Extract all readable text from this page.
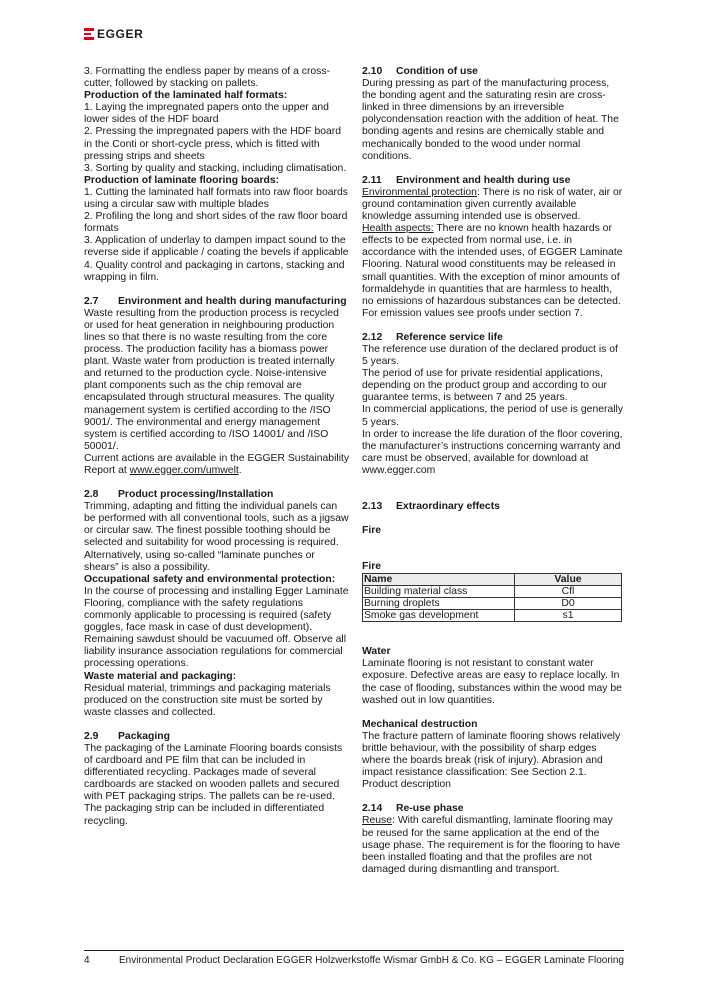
EGGER

3. Formatting the endless paper by means of a cross-cutter, followed by stacking on pallets.

Production of the laminated half formats:

1. Laying the impregnated papers onto the upper and lower sides of the HDF board

2. Pressing the impregnated papers with the HDF board in the Conti or short-cycle press, which is fitted with pressing strips and sheets

3. Sorting by quality and stacking, including climatisation.

Production of laminate flooring boards:

1. Cutting the laminated half formats into raw floor boards using a circular saw with multiple blades

2. Profiling the long and short sides of the raw floor board formats

3. Application of underlay to dampen impact sound to the reverse side if applicable / coating the bevels if applicable

4. Quality control and packaging in cartons, stacking and wrapping in film.

2.7	Environment and health during manufacturing

Waste resulting from the production process is recycled or used for heat generation in neighbouring production lines so that there is no waste resulting from the core process. The production facility has a biomass power plant. Waste water from production is treated internally and returned to the production cycle. Noise-intensive plant components such as the chip removal are encapsulated through structural measures. The quality management system is certified according to the /ISO 9001/. The environmental and energy management system is certified according to /ISO 14001/ and /ISO 50001/.

Current actions are available in the EGGER Sustainability Report at www.egger.com/umwelt.

2.8	Product processing/Installation

Trimming, adapting and fitting the individual panels can be performed with all conventional tools, such as a jigsaw or circular saw. The finest possible toothing should be selected and suitability for wood processing is required. Alternatively, using so-called “laminate punches or shears” is also a possibility.

Occupational safety and environmental protection:

In the course of processing and installing Egger Laminate Flooring, compliance with the safety regulations commonly applicable to processing is required (safety goggles, face mask in case of dust development). Remaining sawdust should be vacuumed off. Observe all liability insurance association regulations for commercial processing operations.

Waste material and packaging:

Residual material, trimmings and packaging materials produced on the construction site must be sorted by waste classes and collected.

2.9	Packaging

The packaging of the Laminate Flooring boards consists of cardboard and PE film that can be included in differentiated recycling. Packages made of several cardboards are stacked on wooden pallets and secured with PET packaging strips. The pallets can be re-used. The packaging strip can be included in differentiated recycling.

2.10	Condition of use

During pressing as part of the manufacturing process, the bonding agent and the saturating resin are cross-linked in three dimensions by an irreversible polycondensation reaction with the addition of heat. The bonding agents and resins are chemically stable and mechanically bonded to the wood under normal conditions.

2.11	Environment and health during use

Environmental protection: There is no risk of water, air or ground contamination given currently available knowledge assuming intended use is observed.

Health aspects: There are no known health hazards or effects to be expected from normal use, i.e. in accordance with the intended uses, of EGGER Laminate Flooring. Natural wood constituents may be released in small quantities. With the exception of minor amounts of formaldehyde in quantities that are harmless to health, no emissions of hazardous substances can be detected. For emission values see proofs under section 7.

2.12	Reference service life

The reference use duration of the declared product is of 5 years.

The period of use for private residential applications, depending on the product group and according to our guarantee terms, is between 7 and 25 years.

In commercial applications, the period of use is generally 5 years.

In order to increase the life duration of the floor covering, the manufacturer’s instructions concerning warranty and care must be observed, available for download at www.egger.com

2.13	Extraordinary effects

Fire

Fire

Name	Value
Building material class	Cfl
Burning droplets	D0
Smoke gas development	s1

Water

Laminate flooring is not resistant to constant water exposure. Defective areas are easy to replace locally. In the case of flooding, substances within the wood may be washed out in low quantities.

Mechanical destruction

The fracture pattern of laminate flooring shows relatively brittle behaviour, with the possibility of sharp edges where the boards break (risk of injury). Abrasion and impact resistance classification: See Section 2.1. Product description

2.14	Re-use phase

Reuse: With careful dismantling, laminate flooring may be reused for the same application at the end of the usage phase. The requirement is for the flooring to have been installed floating and that the profiles are not damaged during dismantling and transport.

4	Environmental Product Declaration EGGER Holzwerkstoffe Wismar GmbH & Co. KG – EGGER Laminate Flooring
